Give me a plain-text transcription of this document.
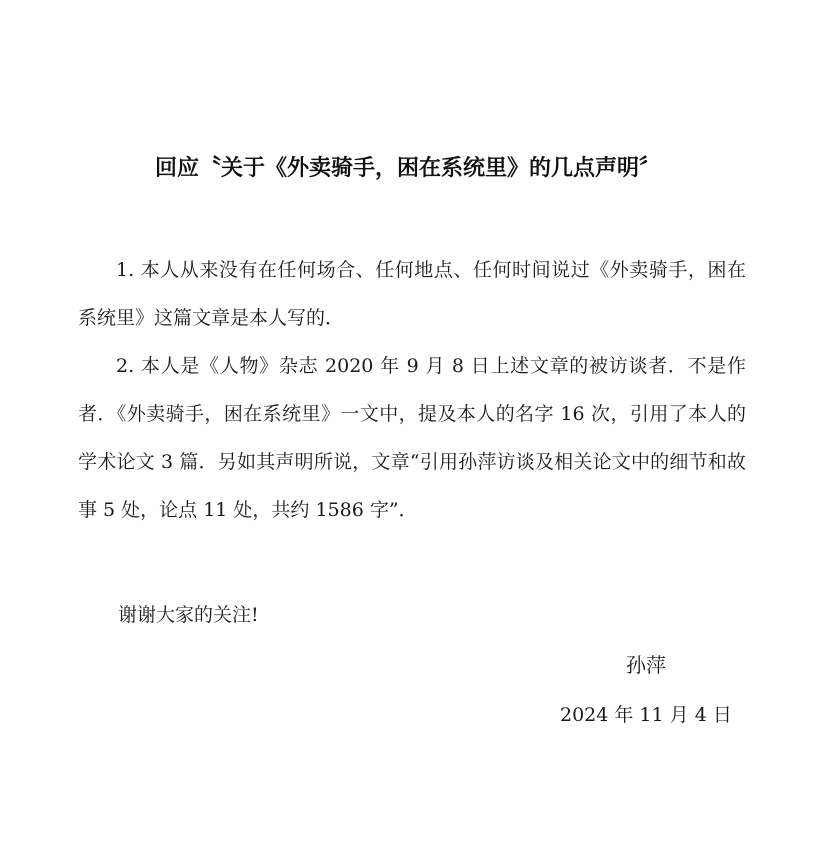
回应〝关于《外卖骑手，困在系统里》的几点声明〞

1. 本人从来没有在任何场合、任何地点、任何时间说过《外卖骑手，困在系统里》这篇文章是本人写的．

2. 本人是《人物》杂志 2020 年 9 月 8 日上述文章的被访谈者．不是作者．《外卖骑手，困在系统里》一文中，提及本人的名字 16 次，引用了本人的学术论文 3 篇．另如其声明所说，文章“引用孙萍访谈及相关论文中的细节和故事 5 处，论点 11 处，共约 1586 字”．

谢谢大家的关注!
孙萍
2024 年 11 月 4 日
